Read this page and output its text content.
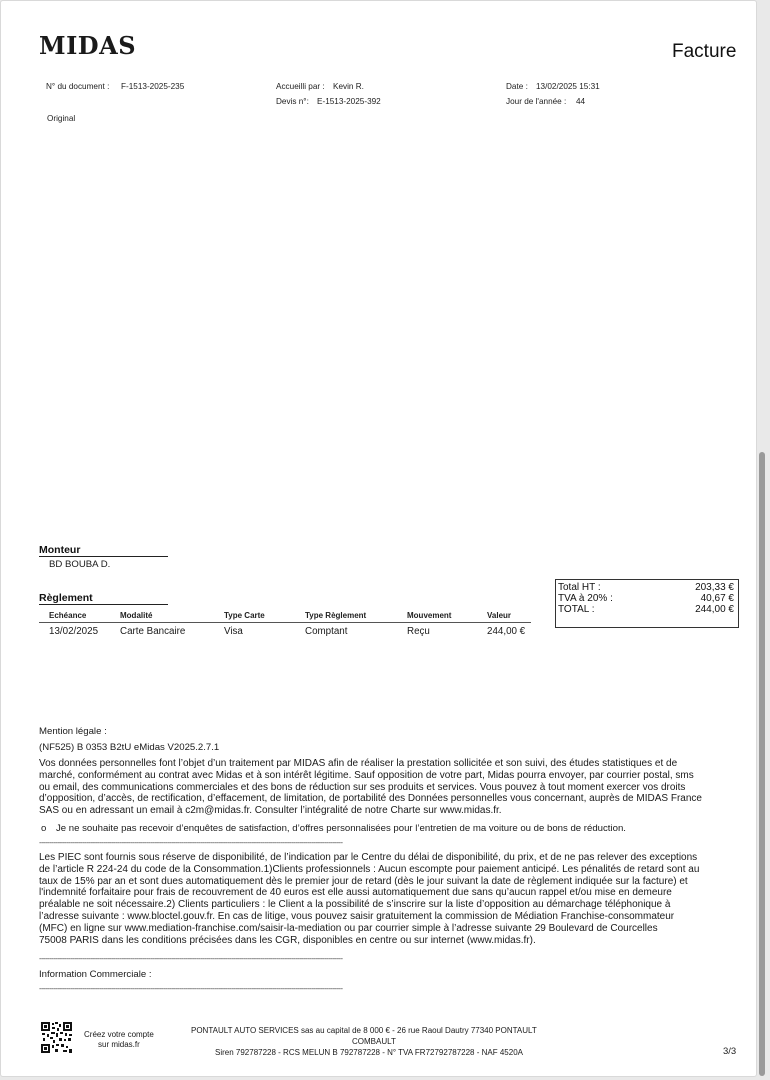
MIDAS	Facture
N° du document : F-1513-2025-235	Accueilli par : Kevin R.
Devis n°: E-1513-2025-392
Date : 13/02/2025 15:31
Jour de l'année : 44
Original
Monteur
BD BOUBA D.
Total HT :	203,33 €
TVA à 20% :	40,67 €
TOTAL :	244,00 €
Règlement
Echéance	Modalité	Type Carte	Type Règlement	Mouvement	Valeur
13/02/2025 Carte Bancaire	Visa	Comptant	Reçu	244,00 €
Mention légale :
(NF525) B 0353 B2tU eMidas V2025.2.7.1
Vos données personnelles font l’objet d’un traitement par MIDAS afin de réaliser la prestation sollicitée et son suivi, des études statistiques et de
marché, conformément au contrat avec Midas et à son intérêt légitime. Sauf opposition de votre part, Midas pourra envoyer, par courrier postal, sms
ou email, des communications commerciales et des bons de réduction sur ses produits et services. Vous pouvez à tout moment exercer vos droits
d’opposition, d’accès, de rectification, d’effacement, de limitation, de portabilité des Données personnelles vous concernant, auprès de MIDAS France
SAS ou en adressant un email à c2m@midas.fr. Consulter l’intégralité de notre Charte sur www.midas.fr.
o Je ne souhaite pas recevoir d’enquêtes de satisfaction, d’offres personnalisées pour l’entretien de ma voiture ou de bons de réduction.
---------------------------------------------------------------------------------------------------------------------------------------------------
Les PIEC sont fournis sous réserve de disponibilité, de l’indication par le Centre du délai de disponibilité, du prix, et de ne pas relever des exceptions
de l’article R 224-24 du code de la Consommation.1)Clients professionnels : Aucun escompte pour paiement anticipé. Les pénalités de retard sont au
taux de 15% par an et sont dues automatiquement dès le premier jour de retard (dès le jour suivant la date de règlement indiquée sur la facture) et
l'indemnité forfaitaire pour frais de recouvrement de 40 euros est elle aussi automatiquement due sans qu’aucun rappel et/ou mise en demeure
préalable ne soit nécessaire.2) Clients particuliers : le Client a la possibilité de s’inscrire sur la liste d’opposition au démarchage téléphonique à
l’adresse suivante : www.bloctel.gouv.fr. En cas de litige, vous pouvez saisir gratuitement la commission de Médiation Franchise-consommateur
(MFC) en ligne sur www.mediation-franchise.com/saisir-la-mediation ou par courrier simple à l’adresse suivante 29 Boulevard de Courcelles
75008 PARIS dans les conditions précisées dans les CGR, disponibles en centre ou sur internet (www.midas.fr).
---------------------------------------------------------------------------------------------------------------------------------------------------
Information Commerciale :
---------------------------------------------------------------------------------------------------------------------------------------------------
Créez votre compte
sur midas.fr
PONTAULT AUTO SERVICES sas au capital de 8 000 € - 26 rue Raoul Dautry 77340 PONTAULT
COMBAULT
Siren 792787228 - RCS MELUN B 792787228 - N° TVA FR72792787228 - NAF 4520A	3/3
